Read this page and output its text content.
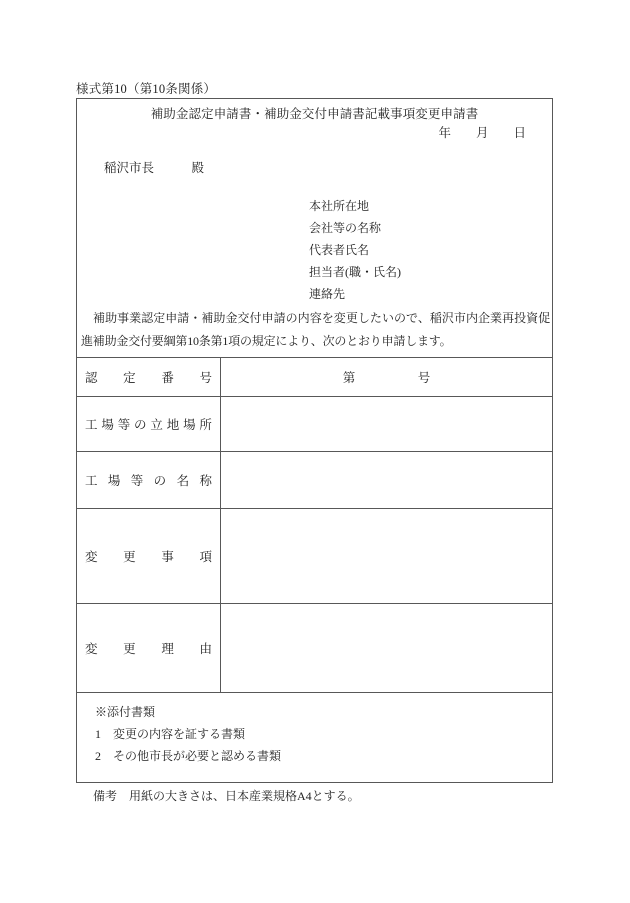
様式第10（第10条関係）
補助金認定申請書・補助金交付申請書記載事項変更申請書
年　　月　　日
稲沢市長　　　殿
本社所在地
会社等の名称
代表者氏名
担当者(職・氏名)
連絡先
　補助事業認定申請・補助金交付申請の内容を変更したいので、稲沢市内企業再投資促進補助金交付要綱第10条第1項の規定により、次のとおり申請します。
認 定 番 号	第　　　　　号
工 場 等 の 立 地 場 所
工 場 等 の 名 称
変 更 事 項
変 更 理 由
※添付書類
1　変更の内容を証する書類
2　その他市長が必要と認める書類
備考　用紙の大きさは、日本産業規格A4とする。
